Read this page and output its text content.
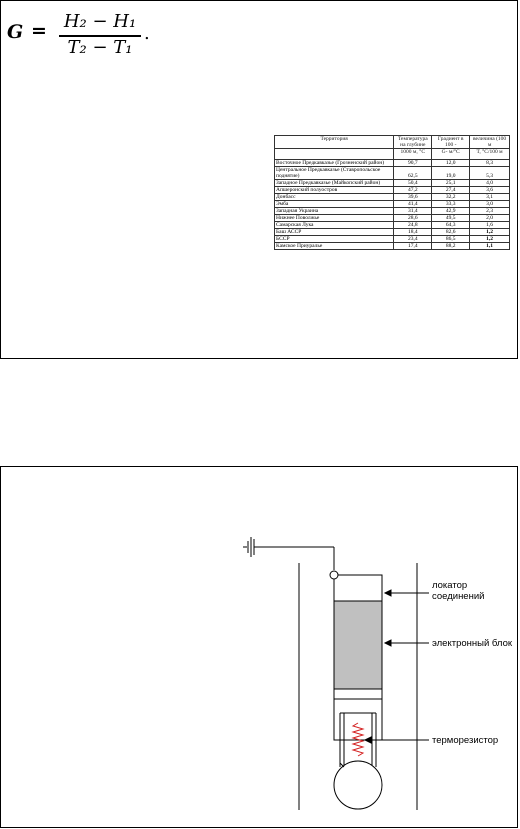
G = H₂ − H₁
T₂ − T₁
.
Территория	Температура на глубине	Градиент в 100 -	величина (100 м
	1000 м, °С	G- м/°С	Т, °С/100 м
Восточное Предкавказье (Грозненский район)	90,7	12,0	8,3
Центральное Предкавказье (Ставропольское поднятие)	62,5	19,0	5,3
Западное Предкавказье (Майкопский район)	50,4	25,1	4,0
Апшеронский полуостров	47,2	27,4	3,6
Донбасс	39,6	32,2	3,1
Эмба	41,4	33,3	3,0
Западная Украина	31,4	42,9	2,3
Нижнее Поволжье	28,6	49,5	2,0
Самарская Лука	24,8	64,3	1,6
Баш АССР	18,4	82,6	1,2
БССР	23,4	86,5	1,2
Камское Приуралье	17,4	88,2	1,1
локатор
соединений
электронный блок
терморезистор
